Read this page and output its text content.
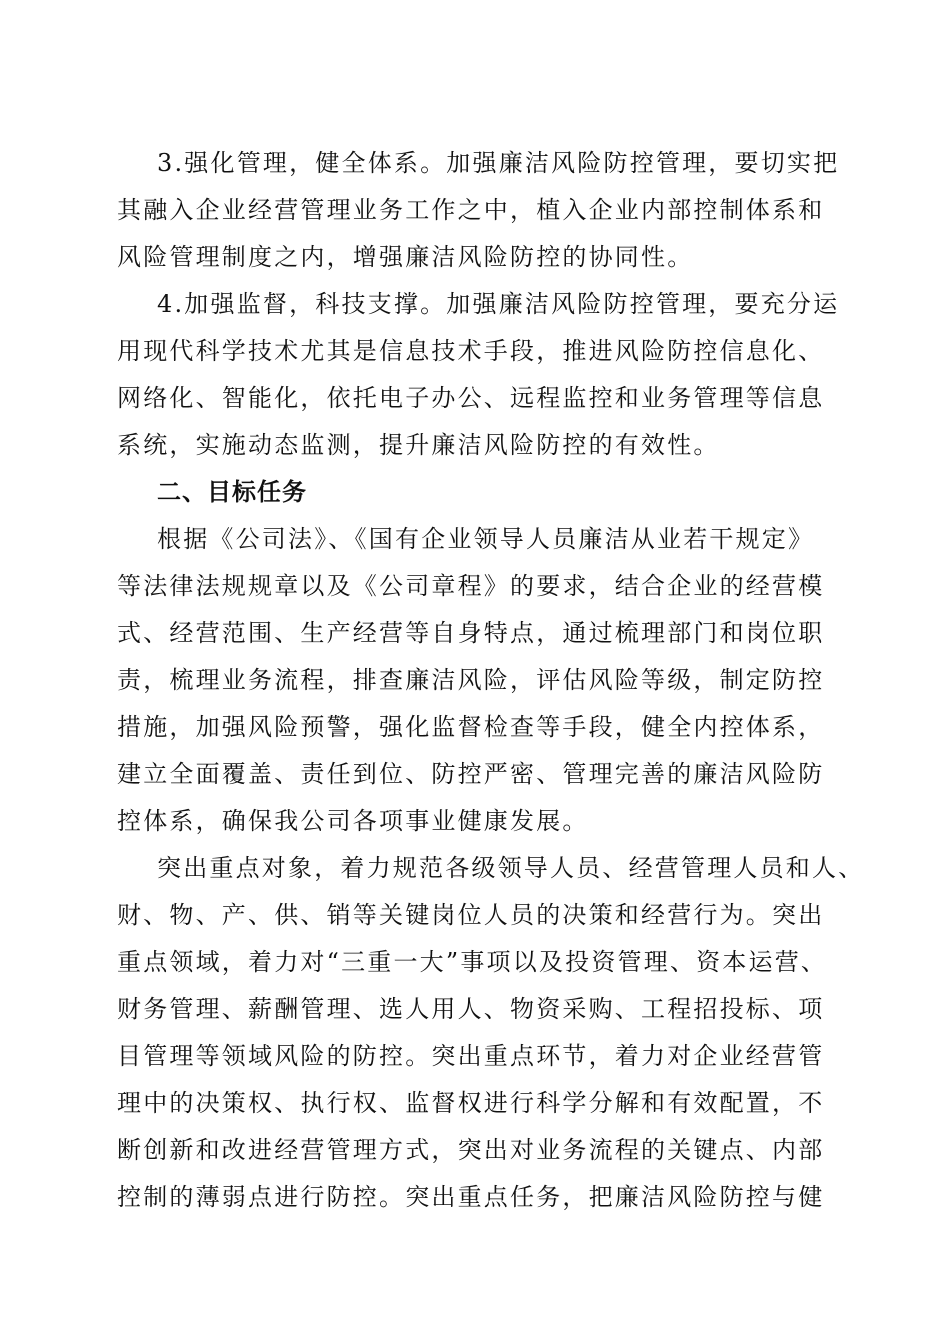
3.强化管理，健全体系。加强廉洁风险防控管理，要切实把
其融入企业经营管理业务工作之中，植入企业内部控制体系和
风险管理制度之内，增强廉洁风险防控的协同性。
4.加强监督，科技支撑。加强廉洁风险防控管理，要充分运
用现代科学技术尤其是信息技术手段，推进风险防控信息化、
网络化、智能化，依托电子办公、远程监控和业务管理等信息
系统，实施动态监测，提升廉洁风险防控的有效性。
二、目标任务
根据《公司法》、《国有企业领导人员廉洁从业若干规定》
等法律法规规章以及《公司章程》的要求，结合企业的经营模
式、经营范围、生产经营等自身特点，通过梳理部门和岗位职
责，梳理业务流程，排查廉洁风险，评估风险等级，制定防控
措施，加强风险预警，强化监督检查等手段，健全内控体系，
建立全面覆盖、责任到位、防控严密、管理完善的廉洁风险防
控体系，确保我公司各项事业健康发展。
突出重点对象，着力规范各级领导人员、经营管理人员和人、
财、物、产、供、销等关键岗位人员的决策和经营行为。突出
重点领域，着力对“三重一大”事项以及投资管理、资本运营、
财务管理、薪酬管理、选人用人、物资采购、工程招投标、项
目管理等领域风险的防控。突出重点环节，着力对企业经营管
理中的决策权、执行权、监督权进行科学分解和有效配置，不
断创新和改进经营管理方式，突出对业务流程的关键点、内部
控制的薄弱点进行防控。突出重点任务，把廉洁风险防控与健
